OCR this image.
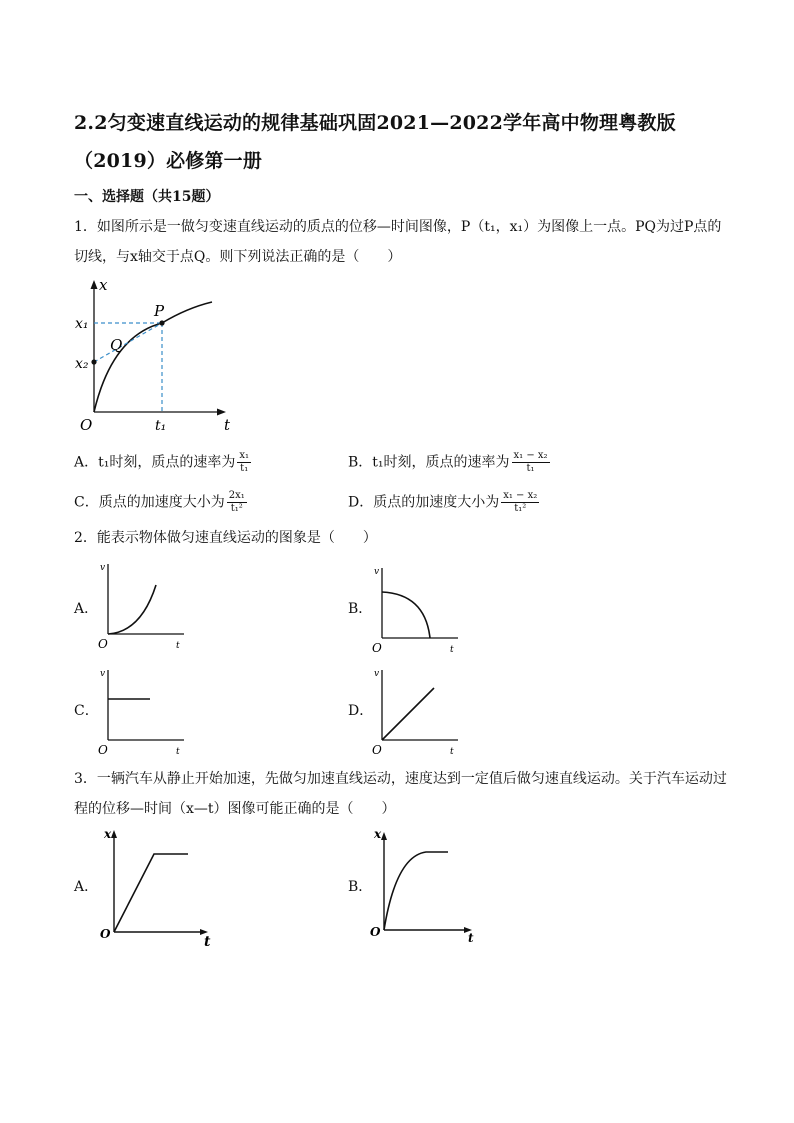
2.2匀变速直线运动的规律基础巩固2021—2022学年高中物理粤教版（2019）必修第一册
一、选择题（共15题）
1．如图所示是一做匀变速直线运动的质点的位移—时间图像，P（t₁，x₁）为图像上一点。PQ为过P点的切线，与x轴交于点Q。则下列说法正确的是（　　）
x
t
O
x₁
x₂
t₁
P
Q
A．t₁时刻，质点的速率为 $\frac{\text{x₁}}{\text{t₁}}$	B．t₁时刻，质点的速率为 $\frac{\text{x₁ − x₂}}{\text{t₁}}$
C．质点的加速度大小为 $\frac{\text{2x₁}}{\text{t₁²}}$	D．质点的加速度大小为 $\frac{\text{x₁ − x₂}}{\text{t₁²}}$
2．能表示物体做匀速直线运动的图象是（　　）
A．
v
t
O
B．
v
t
O
C．
v
t
O
D．
v
t
O
3．一辆汽车从静止开始加速，先做匀加速直线运动，速度达到一定值后做匀速直线运动。关于汽车运动过程的位移—时间（x—t）图像可能正确的是（　　）
A．
x
t
O
B．
x
t
O
